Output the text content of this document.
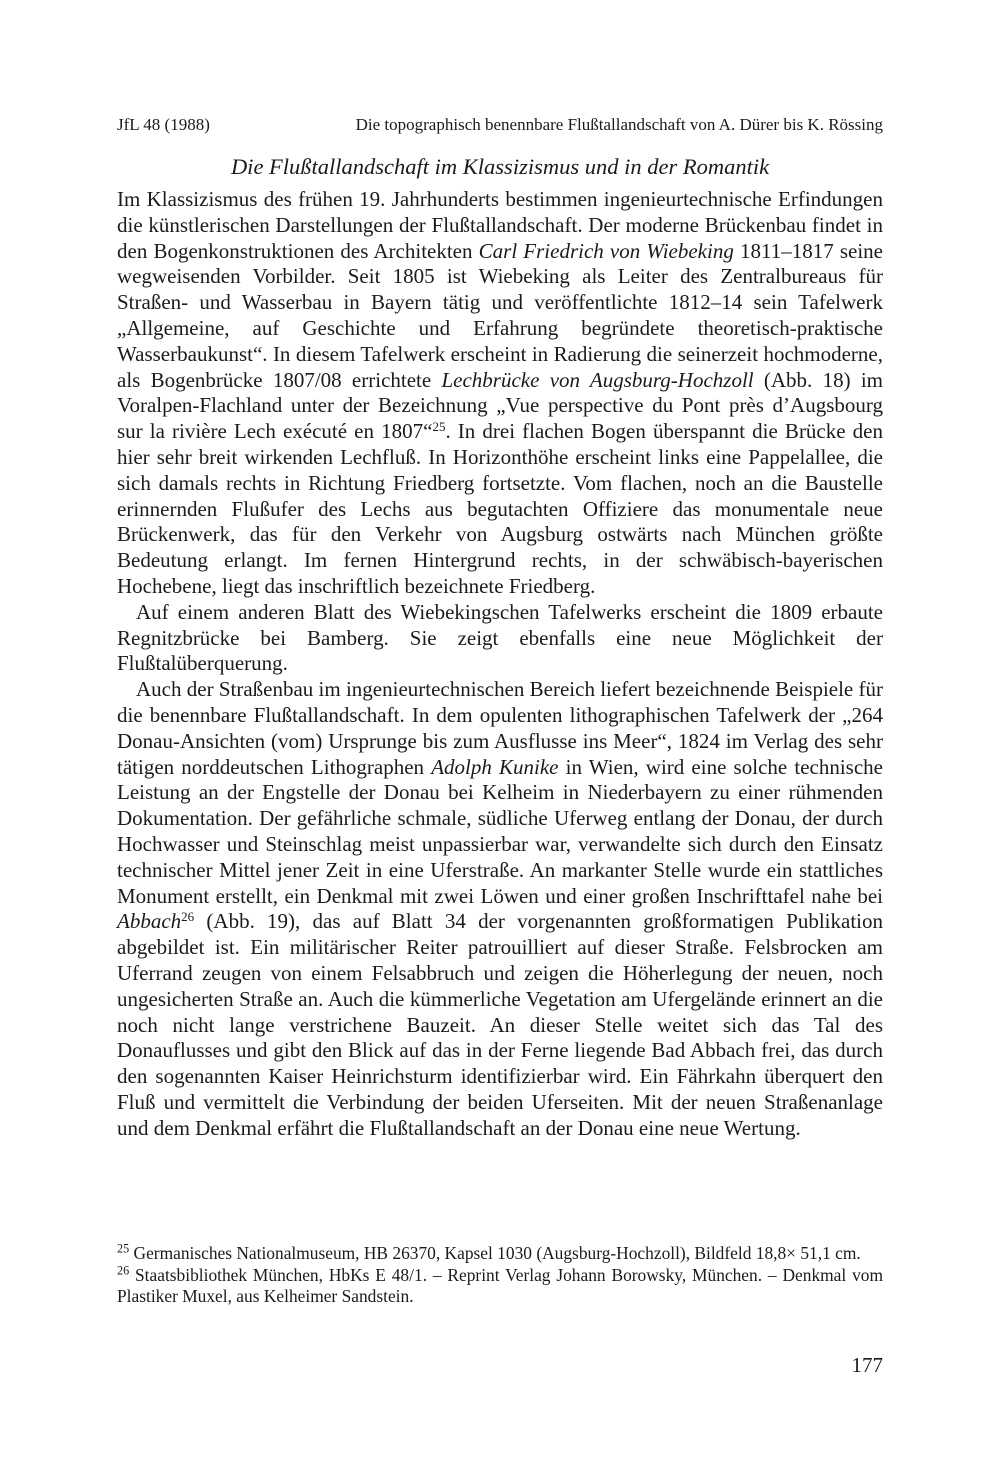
JfL 48 (1988)	Die topographisch benennbare Flußtallandschaft von A. Dürer bis K. Rössing
Die Flußtallandschaft im Klassizismus und in der Romantik

Im Klassizismus des frühen 19. Jahrhunderts bestimmen ingenieurtechnische Erfindungen die künstlerischen Darstellungen der Flußtallandschaft. Der moderne Brückenbau findet in den Bogenkonstruktionen des Architekten Carl Friedrich von Wiebeking 1811–1817 seine wegweisenden Vorbilder. Seit 1805 ist Wiebeking als Leiter des Zentralbureaus für Straßen- und Wasserbau in Bayern tätig und veröffentlichte 1812–14 sein Tafelwerk „Allgemeine, auf Geschichte und Erfahrung begründete theoretisch-praktische Wasserbaukunst“. In diesem Tafelwerk erscheint in Radierung die seinerzeit hochmoderne, als Bogenbrücke 1807/08 errichtete Lechbrücke von Augsburg-Hochzoll (Abb. 18) im Voralpen-Flachland unter der Bezeichnung „Vue perspective du Pont près d’Augsbourg sur la rivière Lech exécuté en 1807“$^{25}$. In drei flachen Bogen überspannt die Brücke den hier sehr breit wirkenden Lechfluß. In Horizonthöhe erscheint links eine Pappelallee, die sich damals rechts in Richtung Friedberg fortsetzte. Vom flachen, noch an die Baustelle erinnernden Flußufer des Lechs aus begutachten Offiziere das monumentale neue Brückenwerk, das für den Verkehr von Augsburg ostwärts nach München größte Bedeutung erlangt. Im fernen Hintergrund rechts, in der schwäbisch-bayerischen Hochebene, liegt das inschriftlich bezeichnete Friedberg.

Auf einem anderen Blatt des Wiebekingschen Tafelwerks erscheint die 1809 erbaute Regnitzbrücke bei Bamberg. Sie zeigt ebenfalls eine neue Möglichkeit der Flußtalüberquerung.

Auch der Straßenbau im ingenieurtechnischen Bereich liefert bezeichnende Beispiele für die benennbare Flußtallandschaft. In dem opulenten lithographischen Tafelwerk der „264 Donau-Ansichten (vom) Ursprunge bis zum Ausflusse ins Meer“, 1824 im Verlag des sehr tätigen norddeutschen Lithographen Adolph Kunike in Wien, wird eine solche technische Leistung an der Engstelle der Donau bei Kelheim in Niederbayern zu einer rühmenden Dokumentation. Der gefährliche schmale, südliche Uferweg entlang der Donau, der durch Hochwasser und Steinschlag meist unpassierbar war, verwandelte sich durch den Einsatz technischer Mittel jener Zeit in eine Uferstraße. An markanter Stelle wurde ein stattliches Monument erstellt, ein Denkmal mit zwei Löwen und einer großen Inschrifttafel nahe bei Abbach$^{26}$ (Abb. 19), das auf Blatt 34 der vorgenannten großformatigen Publikation abgebildet ist. Ein militärischer Reiter patrouilliert auf dieser Straße. Felsbrocken am Uferrand zeugen von einem Felsabbruch und zeigen die Höherlegung der neuen, noch ungesicherten Straße an. Auch die kümmerliche Vegetation am Ufergelände erinnert an die noch nicht lange verstrichene Bauzeit. An dieser Stelle weitet sich das Tal des Donauflusses und gibt den Blick auf das in der Ferne liegende Bad Abbach frei, das durch den sogenannten Kaiser Heinrichsturm identifizierbar wird. Ein Fährkahn überquert den Fluß und vermittelt die Verbindung der beiden Uferseiten. Mit der neuen Straßenanlage und dem Denkmal erfährt die Flußtallandschaft an der Donau eine neue Wertung.

$^{25}$ Germanisches Nationalmuseum, HB 26370, Kapsel 1030 (Augsburg-Hochzoll), Bildfeld 18,8× 51,1 cm.

$^{26}$ Staatsbibliothek München, HbKs E 48/1. – Reprint Verlag Johann Borowsky, München. – Denkmal vom Plastiker Muxel, aus Kelheimer Sandstein.

177
